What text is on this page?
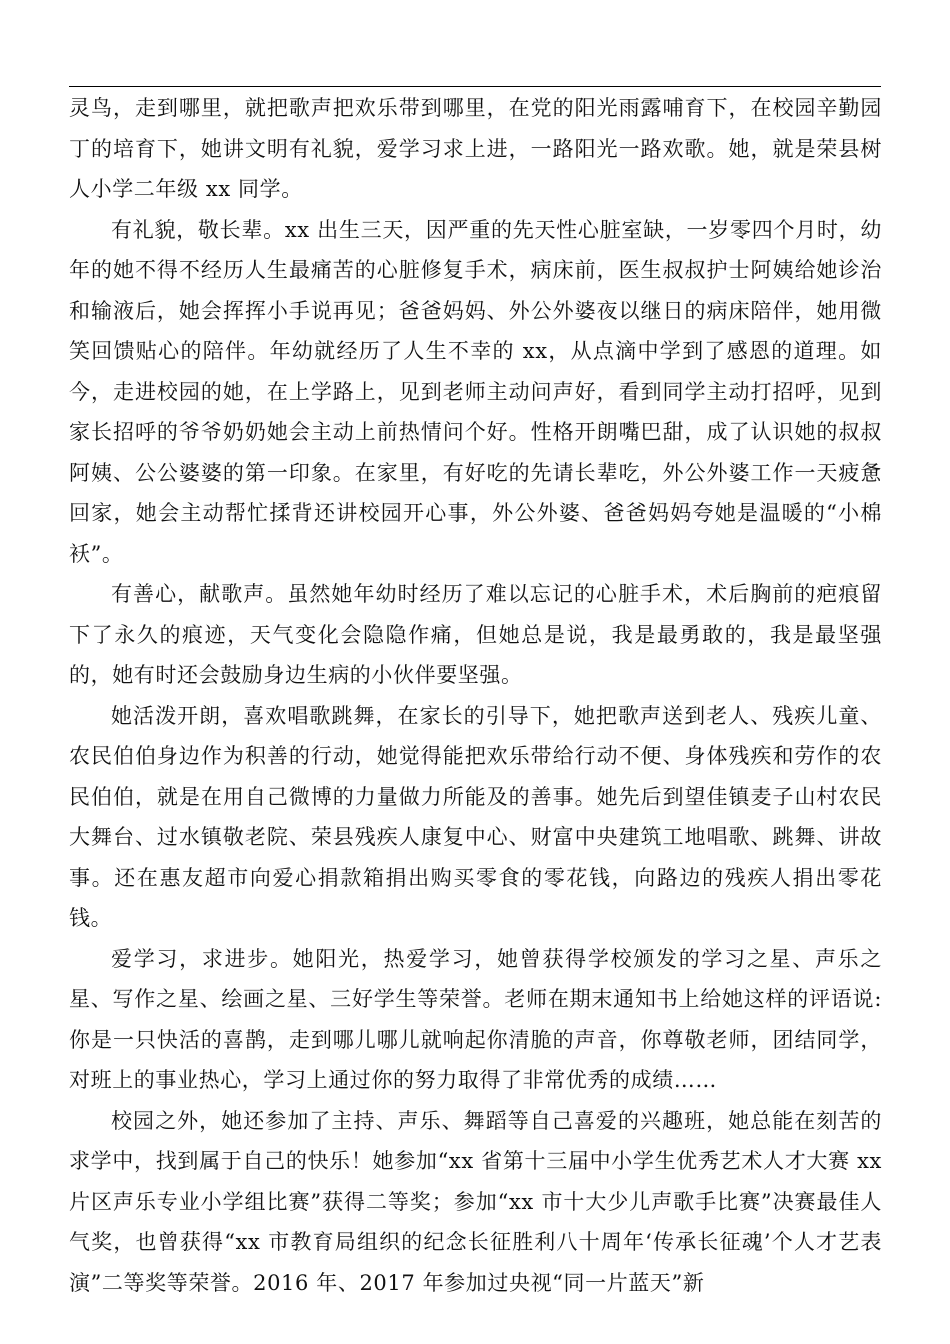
灵鸟，走到哪里，就把歌声把欢乐带到哪里，在党的阳光雨露哺育下，在校园辛勤园丁的培育下，她讲文明有礼貌，爱学习求上进，一路阳光一路欢歌。她，就是荣县树人小学二年级 xx 同学。

有礼貌，敬长辈。xx 出生三天，因严重的先天性心脏室缺，一岁零四个月时，幼年的她不得不经历人生最痛苦的心脏修复手术，病床前，医生叔叔护士阿姨给她诊治和输液后，她会挥挥小手说再见；爸爸妈妈、外公外婆夜以继日的病床陪伴，她用微笑回馈贴心的陪伴。年幼就经历了人生不幸的 xx，从点滴中学到了感恩的道理。如今，走进校园的她，在上学路上，见到老师主动问声好，看到同学主动打招呼，见到家长招呼的爷爷奶奶她会主动上前热情问个好。性格开朗嘴巴甜，成了认识她的叔叔阿姨、公公婆婆的第一印象。在家里，有好吃的先请长辈吃，外公外婆工作一天疲惫回家，她会主动帮忙揉背还讲校园开心事，外公外婆、爸爸妈妈夸她是温暖的“小棉袄”。

有善心，献歌声。虽然她年幼时经历了难以忘记的心脏手术，术后胸前的疤痕留下了永久的痕迹，天气变化会隐隐作痛，但她总是说，我是最勇敢的，我是最坚强的，她有时还会鼓励身边生病的小伙伴要坚强。

她活泼开朗，喜欢唱歌跳舞，在家长的引导下，她把歌声送到老人、残疾儿童、农民伯伯身边作为积善的行动，她觉得能把欢乐带给行动不便、身体残疾和劳作的农民伯伯，就是在用自己微博的力量做力所能及的善事。她先后到望佳镇麦子山村农民大舞台、过水镇敬老院、荣县残疾人康复中心、财富中央建筑工地唱歌、跳舞、讲故事。还在惠友超市向爱心捐款箱捐出购买零食的零花钱，向路边的残疾人捐出零花钱。

爱学习，求进步。她阳光，热爱学习，她曾获得学校颁发的学习之星、声乐之星、写作之星、绘画之星、三好学生等荣誉。老师在期末通知书上给她这样的评语说:你是一只快活的喜鹊，走到哪儿哪儿就响起你清脆的声音，你尊敬老师，团结同学，对班上的事业热心，学习上通过你的努力取得了非常优秀的成绩……

校园之外，她还参加了主持、声乐、舞蹈等自己喜爱的兴趣班，她总能在刻苦的求学中，找到属于自己的快乐！她参加“xx 省第十三届中小学生优秀艺术人才大赛 xx 片区声乐专业小学组比赛”获得二等奖；参加“xx 市十大少儿声歌手比赛”决赛最佳人气奖，也曾获得“xx 市教育局组织的纪念长征胜利八十周年‘传承长征魂’个人才艺表演”二等奖等荣誉。2016 年、2017 年参加过央视“同一片蓝天”新
